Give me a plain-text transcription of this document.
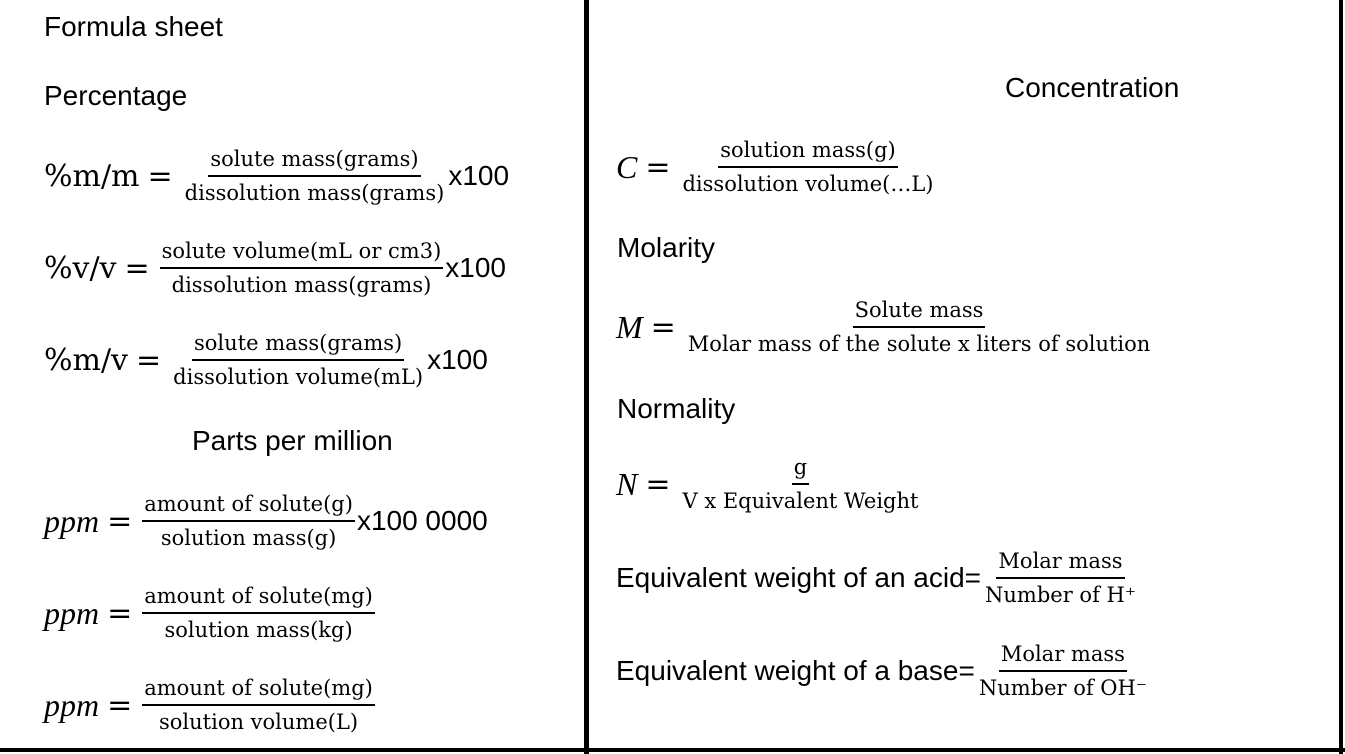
Formula sheet
Percentage
$\%m/m = \frac{\text{solute mass(grams)}}{\text{dissolution mass(grams)}} x100$
$\%v/v = \frac{\text{solute volume(mL or cm3)}}{\text{dissolution mass(grams)}} x100$
$\%m/v = \frac{\text{solute mass(grams)}}{\text{dissolution volume(mL)}} x100$
Parts per million
ppm = $\frac{\text{amount of solute(g)}}{\text{solution mass(g)}} x100$ 0000
ppm = $\frac{\text{amount of solute(mg)}}{\text{solution mass(kg)}}$
ppm = $\frac{\text{amount of solute(mg)}}{\text{solution volume(L)}}$
Concentration
$C = \frac{\text{solution mass(g)}}{\text{dissolution volume(…L)}}$
Molarity
$M = \frac{\text{Solute mass}}{\text{Molar mass of the solute x liters of solution}}$
Normality
$N = \frac{g}{\text{V x Equivalent Weight}}$
Equivalent weight of an acid= $\frac{\text{Molar mass}}{\text{Number of H⁺}}$
Equivalent weight of a base= $\frac{\text{Molar mass}}{\text{Number of OH⁻}}$
